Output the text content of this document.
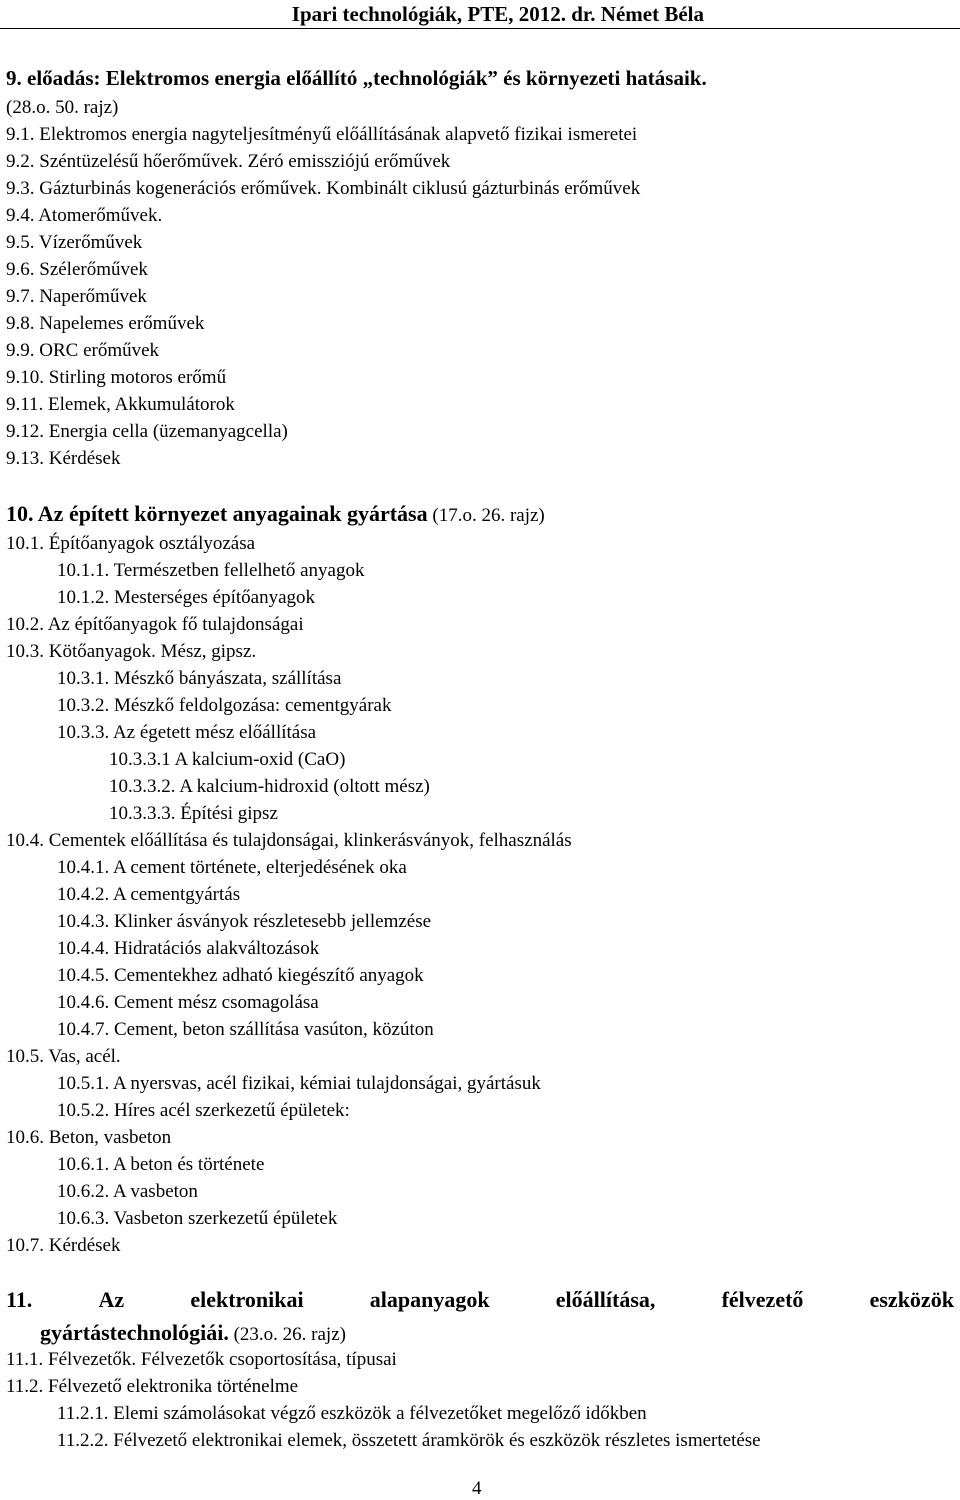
Ipari technológiák, PTE, 2012. dr. Német Béla
9. előadás: Elektromos energia előállító „technológiák” és környezeti hatásaik.
(28.o. 50. rajz)
9.1. Elektromos energia nagyteljesítményű előállításának alapvető fizikai ismeretei
9.2. Széntüzelésű hőerőművek. Zéró emissziójú erőművek
9.3. Gázturbinás kogenerációs erőművek. Kombinált ciklusú gázturbinás erőművek
9.4. Atomerőművek.
9.5. Vízerőművek
9.6. Szélerőművek
9.7. Naperőművek
9.8. Napelemes erőművek
9.9. ORC erőművek
9.10. Stirling motoros erőmű
9.11. Elemek, Akkumulátorok
9.12. Energia cella (üzemanyagcella)
9.13. Kérdések
10. Az épített környezet anyagainak gyártása (17.o. 26. rajz)
10.1. Építőanyagok osztályozása
10.1.1. Természetben fellelhető anyagok
10.1.2. Mesterséges építőanyagok
10.2. Az építőanyagok fő tulajdonságai
10.3. Kötőanyagok. Mész, gipsz.
10.3.1. Mészkő bányászata, szállítása
10.3.2. Mészkő feldolgozása: cementgyárak
10.3.3. Az égetett mész előállítása
10.3.3.1 A kalcium-oxid (CaO)
10.3.3.2. A kalcium-hidroxid (oltott mész)
10.3.3.3. Építési gipsz
10.4. Cementek előállítása és tulajdonságai, klinkerásványok, felhasználás
10.4.1. A cement története, elterjedésének oka
10.4.2. A cementgyártás
10.4.3. Klinker ásványok részletesebb jellemzése
10.4.4. Hidratációs alakváltozások
10.4.5. Cementekhez adható kiegészítő anyagok
10.4.6. Cement mész csomagolása
10.4.7. Cement, beton szállítása vasúton, közúton
10.5. Vas, acél.
10.5.1. A nyersvas, acél fizikai, kémiai tulajdonságai, gyártásuk
10.5.2. Híres acél szerkezetű épületek:
10.6. Beton, vasbeton
10.6.1. A beton és története
10.6.2. A vasbeton
10.6.3. Vasbeton szerkezetű épületek
10.7. Kérdések
11.	Az	elektronikai	alapanyagok	előállítása,	félvezető	eszközök
gyártástechnológiái. (23.o. 26. rajz)
11.1. Félvezetők. Félvezetők csoportosítása, típusai
11.2. Félvezető elektronika történelme
11.2.1. Elemi számolásokat végző eszközök a félvezetőket megelőző időkben
11.2.2. Félvezető elektronikai elemek, összetett áramkörök és eszközök részletes ismertetése
4
